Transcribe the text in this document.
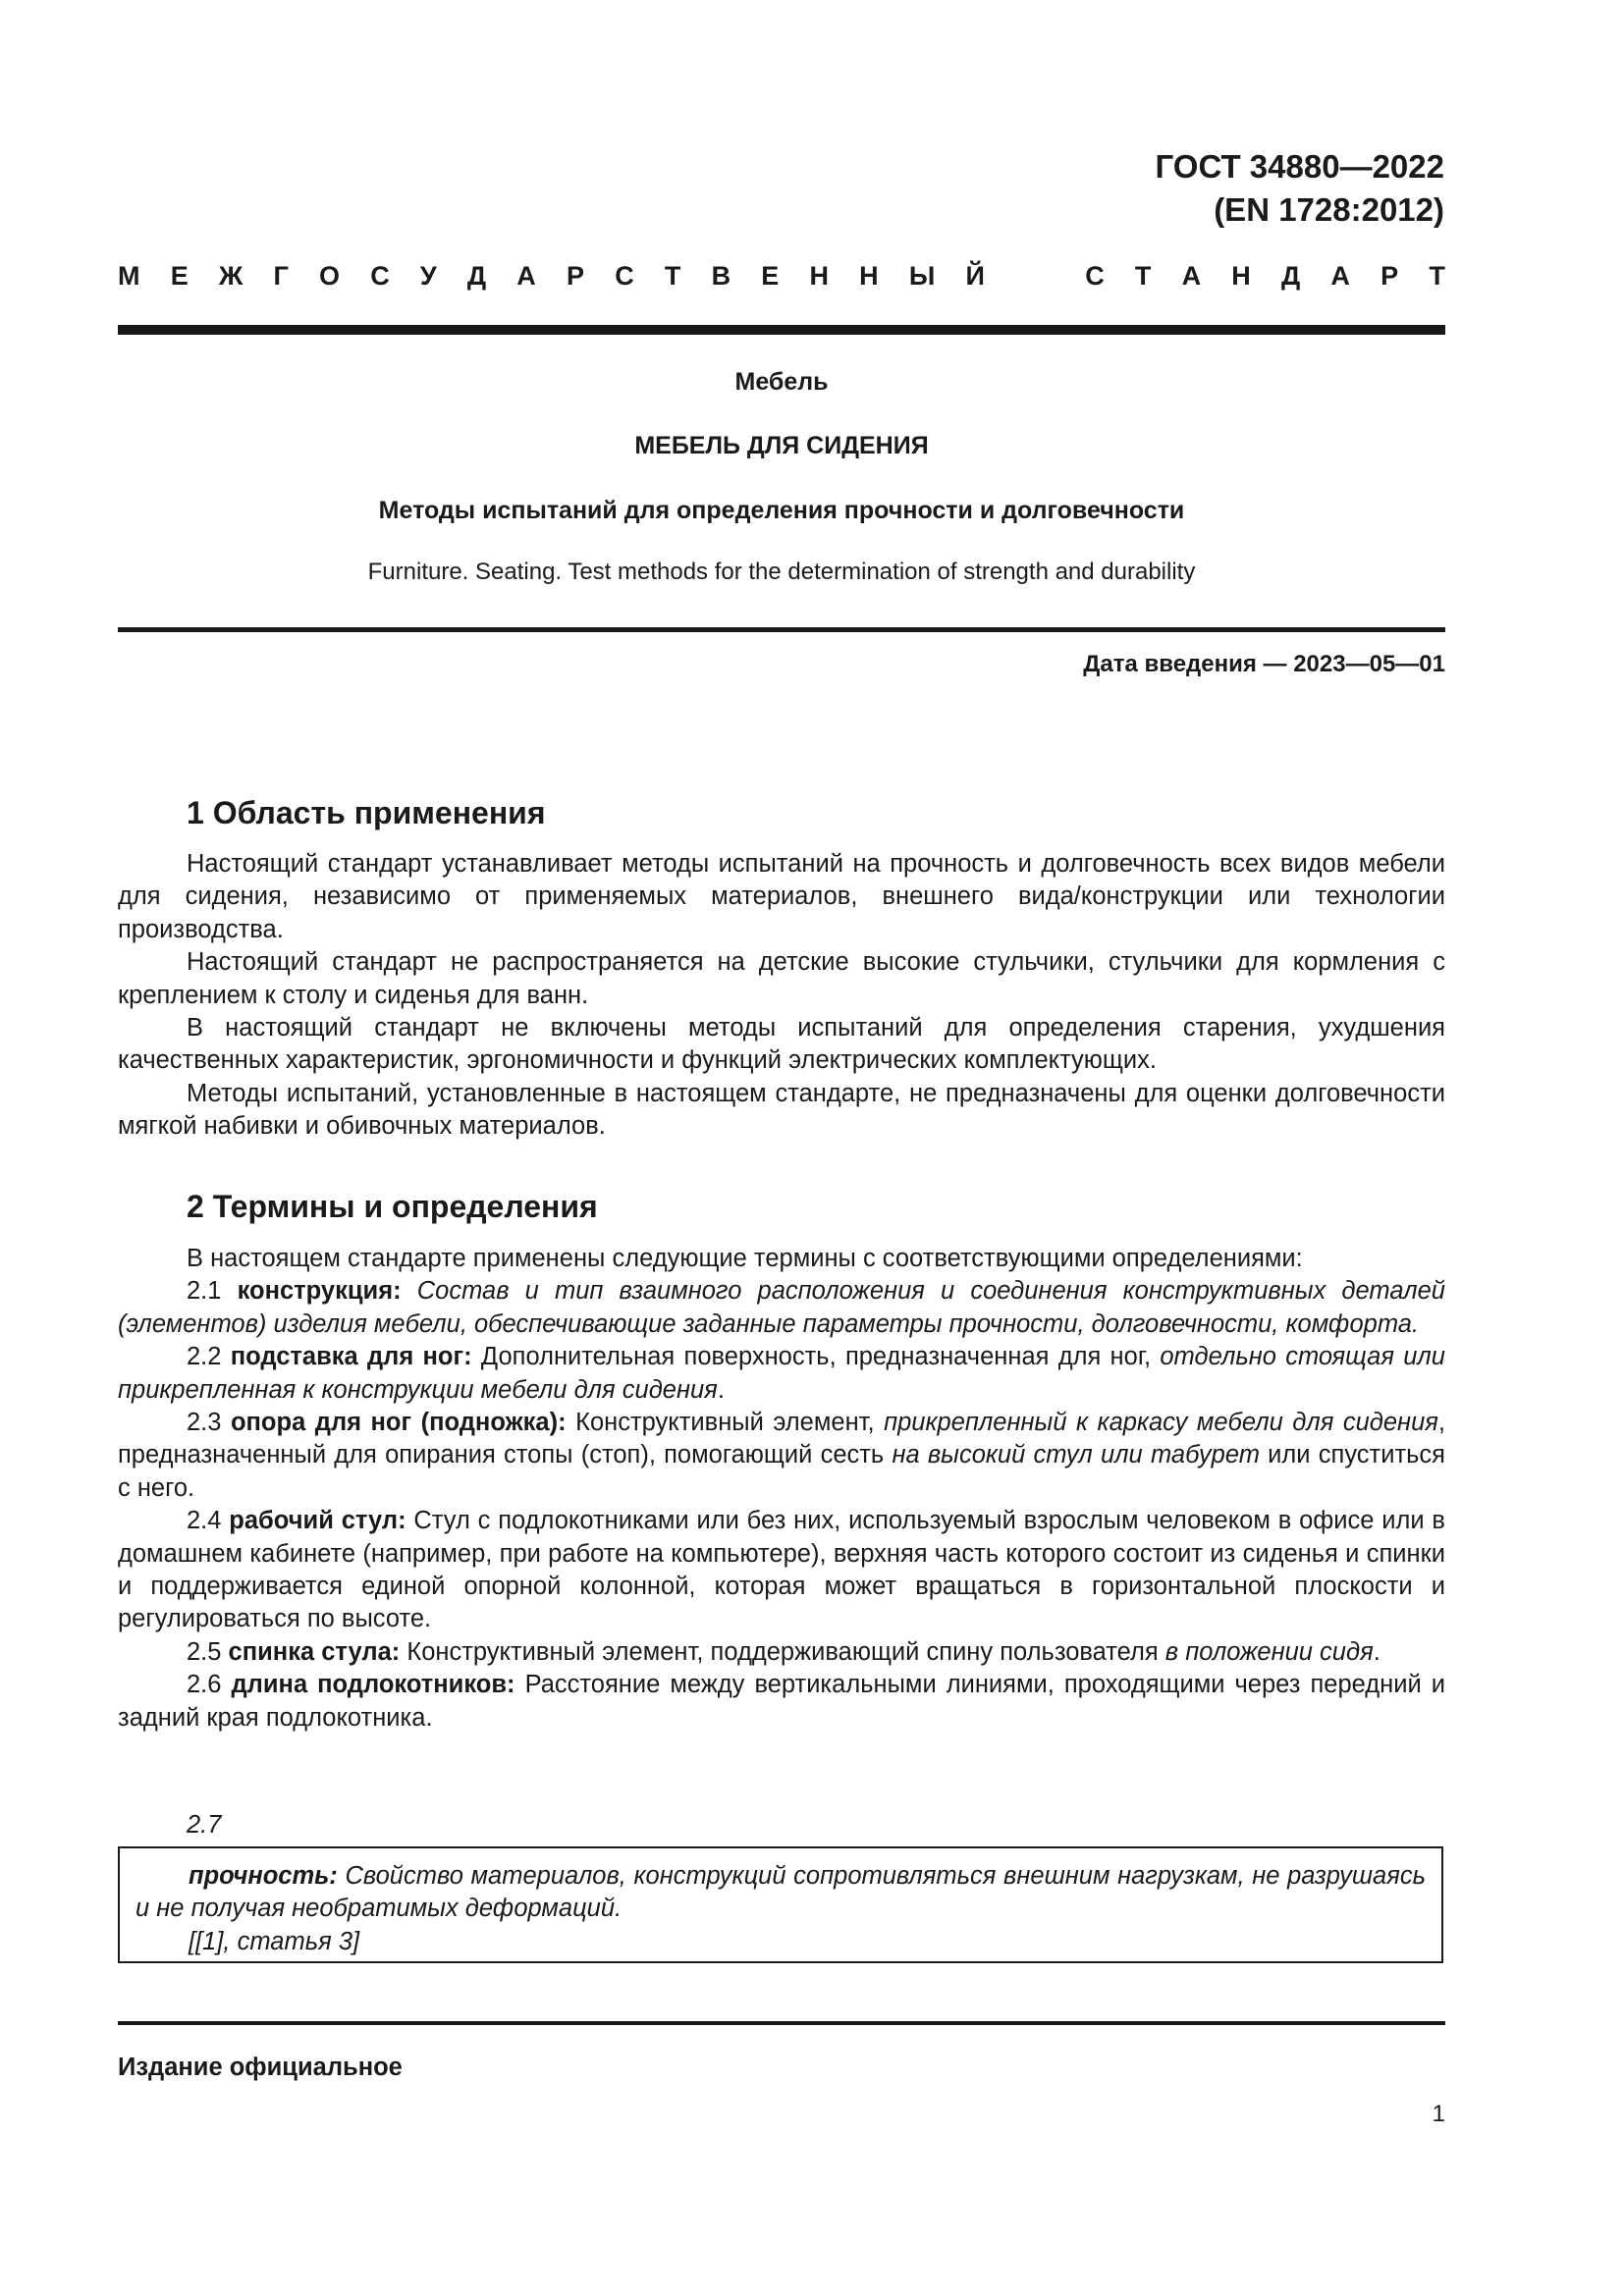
ГОСТ 34880—2022
(EN 1728:2012)
М Е Ж Г О С У Д А Р С Т В Е Н Н Ы Й	С Т А Н Д А Р Т
Мебель
МЕБЕЛЬ ДЛЯ СИДЕНИЯ
Методы испытаний для определения прочности и долговечности
Furniture. Seating. Test methods for the determination of strength and durability
Дата введения — 2023—05—01
1 Область применения

Настоящий стандарт устанавливает методы испытаний на прочность и долговечность всех видов мебели для сидения, независимо от применяемых материалов, внешнего вида/конструкции или технологии производства.

Настоящий стандарт не распространяется на детские высокие стульчики, стульчики для кормления с креплением к столу и сиденья для ванн.

В настоящий стандарт не включены методы испытаний для определения старения, ухудшения качественных характеристик, эргономичности и функций электрических комплектующих.

Методы испытаний, установленные в настоящем стандарте, не предназначены для оценки долговечности мягкой набивки и обивочных материалов.

2 Термины и определения

В настоящем стандарте применены следующие термины с соответствующими определениями:

2.1 конструкция: Состав и тип взаимного расположения и соединения конструктивных деталей (элементов) изделия мебели, обеспечивающие заданные параметры прочности, долговечности, комфорта.

2.2 подставка для ног: Дополнительная поверхность, предназначенная для ног, отдельно стоящая или прикрепленная к конструкции мебели для сидения.

2.3 опора для ног (подножка): Конструктивный элемент, прикрепленный к каркасу мебели для сидения, предназначенный для опирания стопы (стоп), помогающий сесть на высокий стул или табурет или спуститься с него.

2.4 рабочий стул: Стул с подлокотниками или без них, используемый взрослым человеком в офисе или в домашнем кабинете (например, при работе на компьютере), верхняя часть которого состоит из сиденья и спинки и поддерживается единой опорной колонной, которая может вращаться в горизонтальной плоскости и регулироваться по высоте.

2.5 спинка стула: Конструктивный элемент, поддерживающий спину пользователя в положении сидя.

2.6 длина подлокотников: Расстояние между вертикальными линиями, проходящими через передний и задний края подлокотника.

2.7

прочность: Свойство материалов, конструкций сопротивляться внешним нагрузкам, не разрушаясь и не получая необратимых деформаций.

[[1], статья 3]

Издание официальное
1
